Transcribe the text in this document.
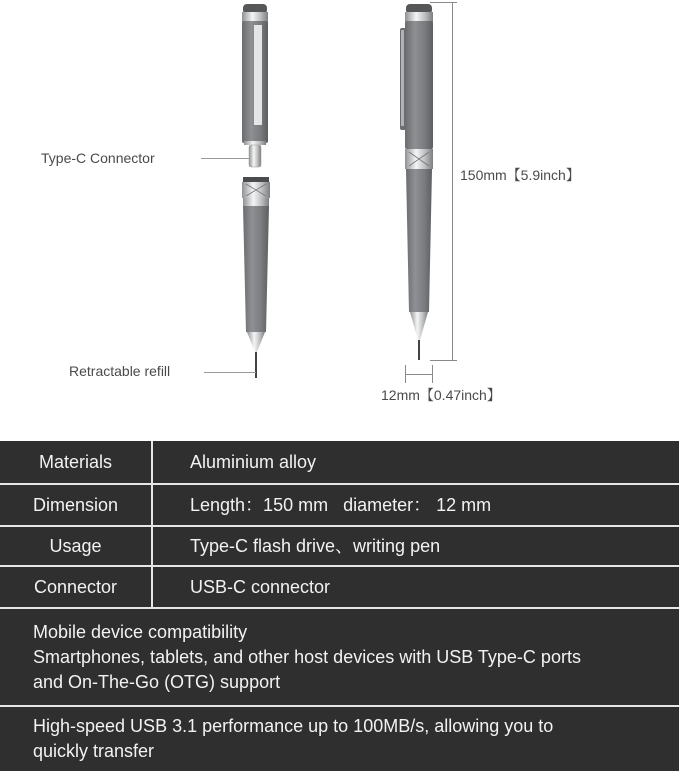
Type-C Connector
Retractable refill
150mm【5.9inch】
12mm【0.47inch】
Materials	Aluminium alloy
Dimension	Length：150 mm   diameter： 12 mm
Usage	Type-C flash drive、writing pen
Connector	USB-C connector

Mobile device compatibility
Smartphones, tablets, and other host devices with USB Type-C ports
and On-The-Go (OTG) support	

High-speed USB 3.1 performance up to 100MB/s, allowing you to
quickly transfer	
